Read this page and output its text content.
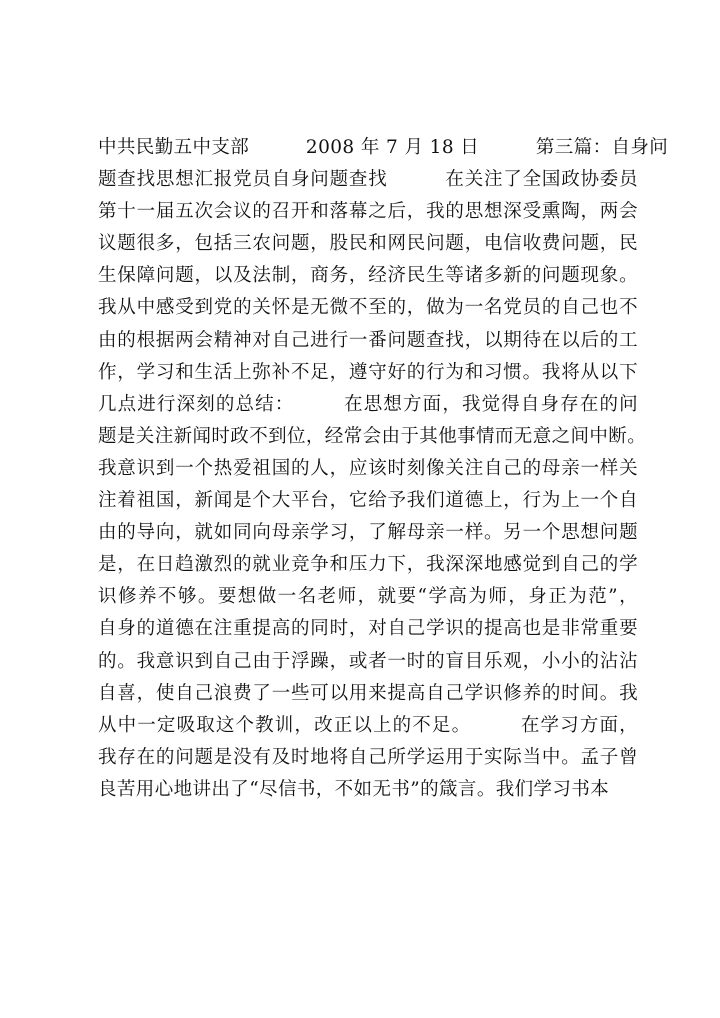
中共民勤五中支部　　　2008 年 7 月 18 日　　　第三篇：自身问
题查找思想汇报党员自身问题查找　　　在关注了全国政协委员
第十一届五次会议的召开和落幕之后，我的思想深受熏陶，两会
议题很多，包括三农问题，股民和网民问题，电信收费问题，民
生保障问题，以及法制，商务，经济民生等诸多新的问题现象。
我从中感受到党的关怀是无微不至的，做为一名党员的自己也不
由的根据两会精神对自己进行一番问题查找，以期待在以后的工
作，学习和生活上弥补不足，遵守好的行为和习惯。我将从以下
几点进行深刻的总结：　　　在思想方面，我觉得自身存在的问
题是关注新闻时政不到位，经常会由于其他事情而无意之间中断。
我意识到一个热爱祖国的人，应该时刻像关注自己的母亲一样关
注着祖国，新闻是个大平台，它给予我们道德上，行为上一个自
由的导向，就如同向母亲学习，了解母亲一样。另一个思想问题
是，在日趋激烈的就业竞争和压力下，我深深地感觉到自己的学
识修养不够。要想做一名老师，就要“学高为师，身正为范”，
自身的道德在注重提高的同时，对自己学识的提高也是非常重要
的。我意识到自己由于浮躁，或者一时的盲目乐观，小小的沾沾
自喜，使自己浪费了一些可以用来提高自己学识修养的时间。我
从中一定吸取这个教训，改正以上的不足。　　　在学习方面，
我存在的问题是没有及时地将自己所学运用于实际当中。孟子曾
良苦用心地讲出了“尽信书，不如无书”的箴言。我们学习书本
